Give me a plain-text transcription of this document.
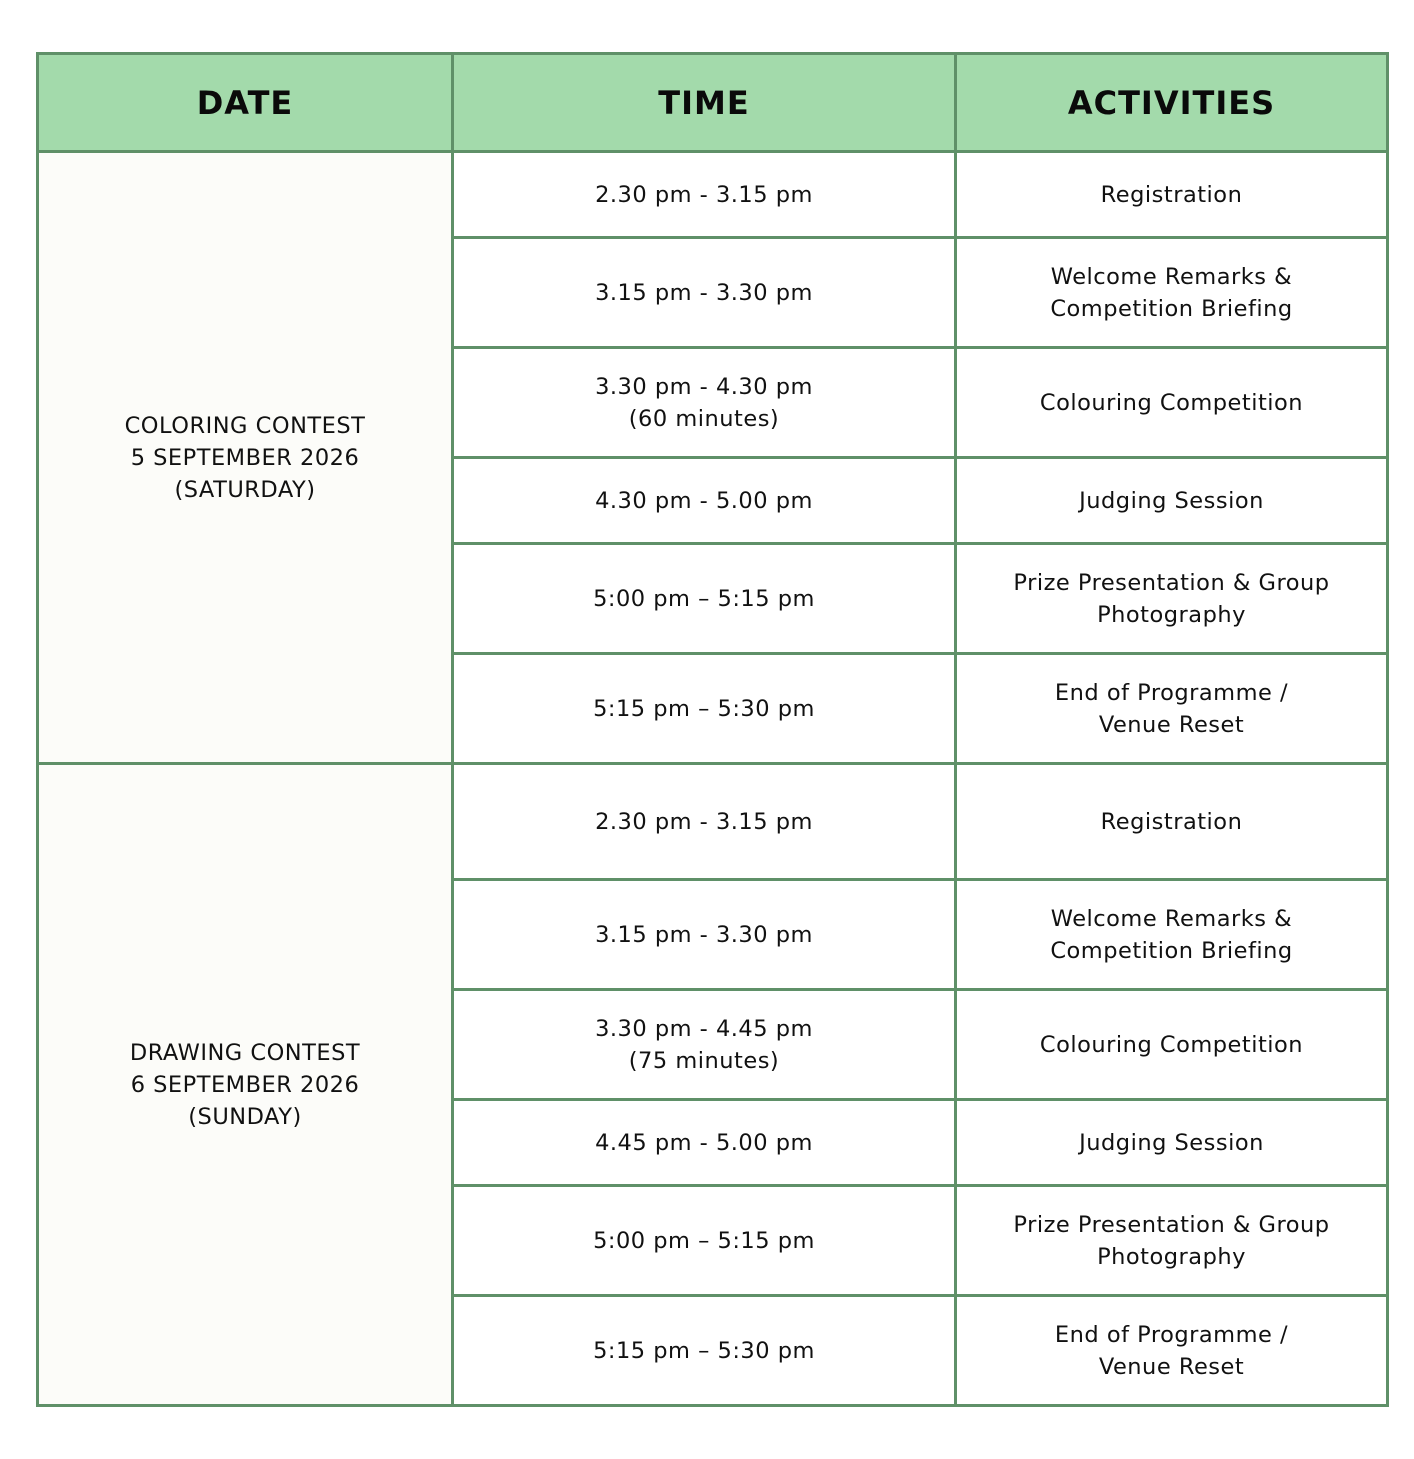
DATE	TIME	ACTIVITIES

COLORING CONTEST
5 SEPTEMBER 2026
(SATURDAY)	2.30 pm - 3.15 pm	Registration

	3.15 pm - 3.30 pm	Welcome Remarks &
Competition Briefing

	3.30 pm - 4.30 pm
(60 minutes)	Colouring Competition

	4.30 pm - 5.00 pm	Judging Session

	5:00 pm – 5:15 pm	Prize Presentation & Group
Photography

	5:15 pm – 5:30 pm	End of Programme /
Venue Reset

DRAWING CONTEST
6 SEPTEMBER 2026
(SUNDAY)	2.30 pm - 3.15 pm	Registration

	3.15 pm - 3.30 pm	Welcome Remarks &
Competition Briefing

	3.30 pm - 4.45 pm
(75 minutes)	Colouring Competition

	4.45 pm - 5.00 pm	Judging Session

	5:00 pm – 5:15 pm	Prize Presentation & Group
Photography

	5:15 pm – 5:30 pm	End of Programme /
Venue Reset
